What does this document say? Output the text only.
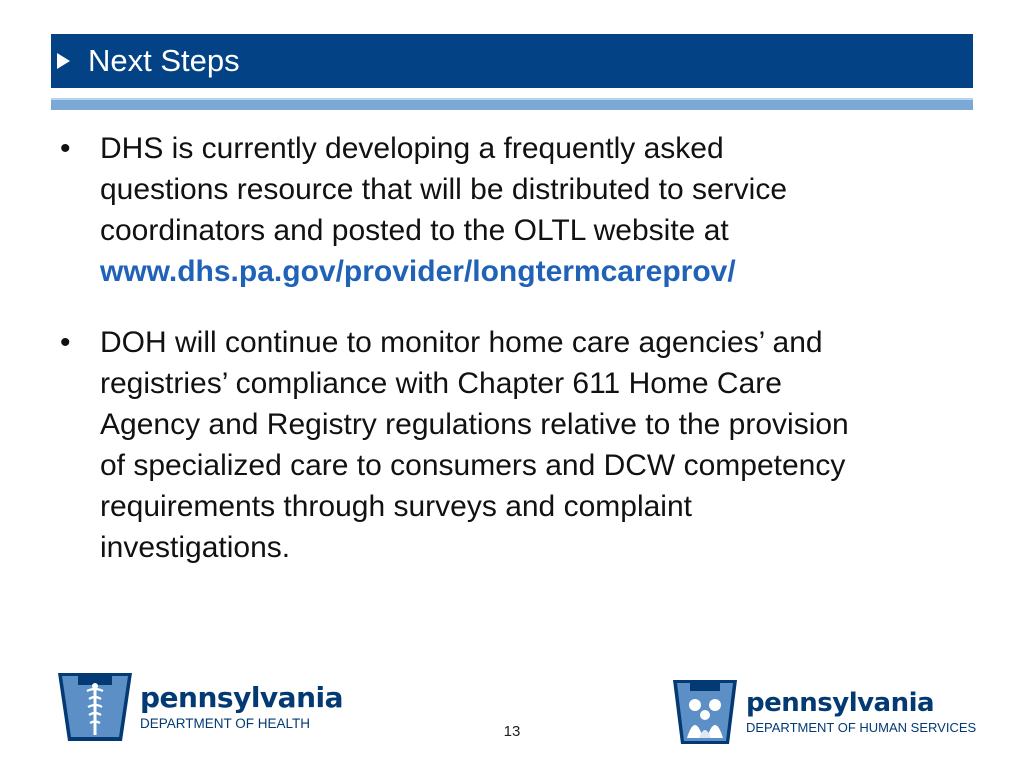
Next Steps
• DHS is currently developing a frequently asked
questions resource that will be distributed to service
coordinators and posted to the OLTL website at
www.dhs.pa.gov/provider/longtermcareprov/
• DOH will continue to monitor home care agencies’ and
registries’ compliance with Chapter 611 Home Care
Agency and Registry regulations relative to the provision
of specialized care to consumers and DCW competency
requirements through surveys and complaint
investigations.
pennsylvania
DEPARTMENT OF HEALTH	13
pennsylvania
DEPARTMENT OF HUMAN SERVICES
